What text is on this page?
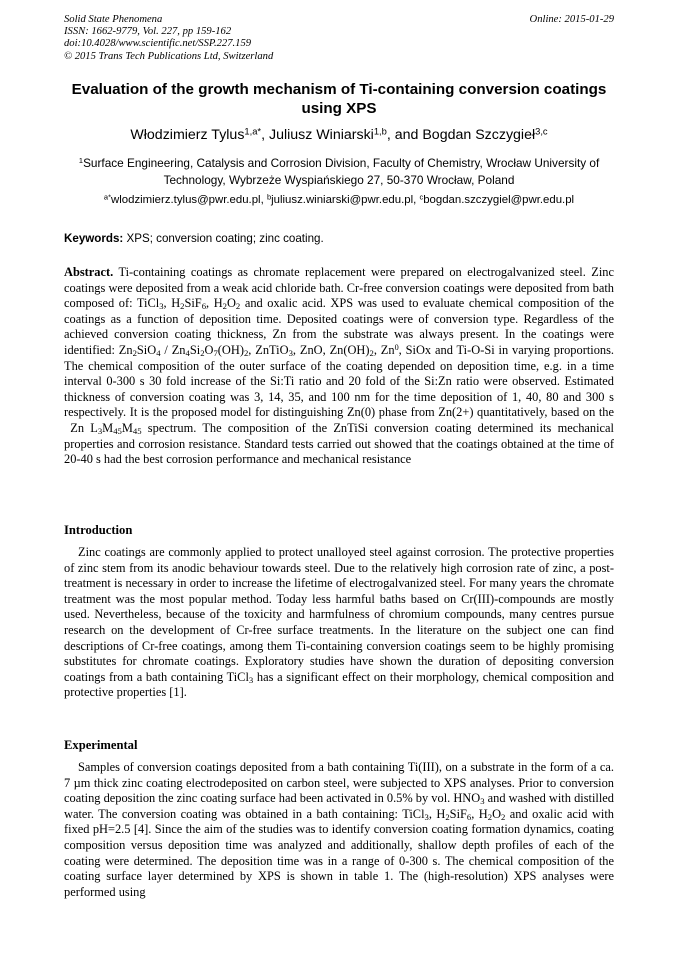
Solid State Phenomena
ISSN: 1662-9779, Vol. 227, pp 159-162
doi:10.4028/www.scientific.net/SSP.227.159
© 2015 Trans Tech Publications Ltd, Switzerland
Online: 2015-01-29
Evaluation of the growth mechanism of Ti-containing conversion coatings using XPS
Włodzimierz Tylus$^{1,a*}$, Juliusz Winiarski$^{1,b}$, and Bogdan Szczygieł$^{3,c}$
$^1$Surface Engineering, Catalysis and Corrosion Division, Faculty of Chemistry, Wrocław University of Technology, Wybrzeże Wyspiańskiego 27, 50-370 Wrocław, Poland
$^{a*}$wlodzimierz.tylus@pwr.edu.pl, $^b$juliusz.winiarski@pwr.edu.pl, $^c$bogdan.szczygiel@pwr.edu.pl
Keywords: XPS; conversion coating; zinc coating.

Abstract. Ti-containing coatings as chromate replacement were prepared on electrogalvanized steel. Zinc coatings were deposited from a weak acid chloride bath. Cr-free conversion coatings were deposited from bath composed of: TiCl$_3$, $H_2SiF_6$, $H_2O_2$ and oxalic acid. XPS was used to evaluate chemical composition of the coatings as a function of deposition time. Deposited coatings were of conversion type. Regardless of the achieved conversion coating thickness, Zn from the substrate was always present. In the coatings were identified: $Zn_2SiO_4 / Zn_4Si_2O_7(OH)_2$, ZnTiO$_3$, ZnO, $Zn(OH)_2$, Zn$^0$, SiOx and Ti-O-Si in varying proportions. The chemical composition of the outer surface of the coating depended on deposition time, e.g. in a time interval 0-300 s 30 fold increase of the Si:Ti ratio and 20 fold of the Si:Zn ratio were observed. Estimated thickness of conversion coating was 3, 14, 35, and 100 nm for the time deposition of 1, 40, 80 and 300 s respectively. It is the proposed model for distinguishing Zn(0) phase from Zn(2+) quantitatively, based on the  Zn $L_3M_{45}M_{45}$ spectrum. The composition of the ZnTiSi conversion coating determined its mechanical properties and corrosion resistance. Standard tests carried out showed that the coatings obtained at the time of 20-40 s had the best corrosion performance and mechanical resistance

Introduction

Zinc coatings are commonly applied to protect unalloyed steel against corrosion. The protective properties of zinc stem from its anodic behaviour towards steel. Due to the relatively high corrosion rate of zinc, a post-treatment is necessary in order to increase the lifetime of electrogalvanized steel. For many years the chromate treatment was the most popular method. Today less harmful baths based on Cr(III)-compounds are mostly used. Nevertheless, because of the toxicity and harmfulness of chromium compounds, many centres pursue research on the development of Cr-free surface treatments. In the literature on the subject one can find descriptions of Cr-free coatings, among them Ti-containing conversion coatings seem to be highly promising substitutes for chromate coatings. Exploratory studies have shown the duration of depositing conversion coatings from a bath containing TiCl$_3$ has a significant effect on their morphology, chemical composition and protective properties [1].

Experimental

Samples of conversion coatings deposited from a bath containing Ti(III), on a substrate in the form of a ca. 7 µm thick zinc coating electrodeposited on carbon steel, were subjected to XPS analyses. Prior to conversion coating deposition the zinc coating surface had been activated in 0.5% by vol. $HNO_3$ and washed with distilled water. The conversion coating was obtained in a bath containing: TiCl$_3$, $H_2SiF_6$, $H_2O_2$ and oxalic acid with fixed pH=2.5 [4]. Since the aim of the studies was to identify conversion coating formation dynamics, coating composition versus deposition time was analyzed and additionally, shallow depth profiles of each of the coating were determined. The deposition time was in a range of 0-300 s. The chemical composition of the coating surface layer determined by XPS is shown in table 1. The (high-resolution) XPS analyses were performed using
